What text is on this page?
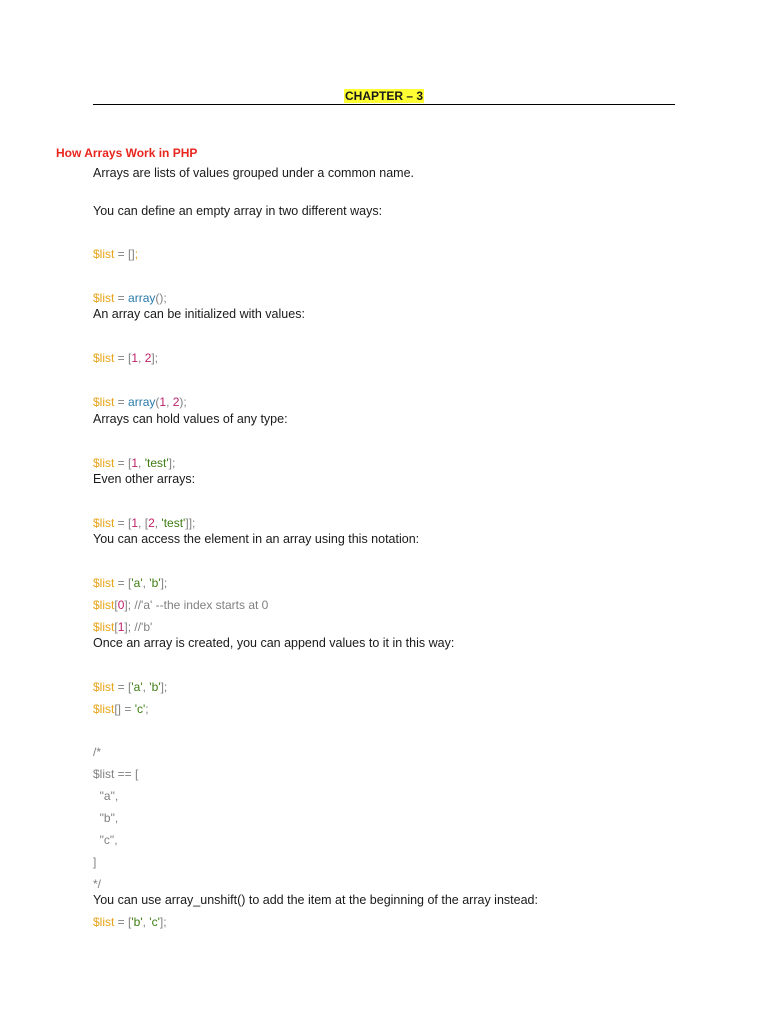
CHAPTER – 3
How Arrays Work in PHP
Arrays are lists of values grouped under a common name.
You can define an empty array in two different ways:
$list = [];
$list = array();
An array can be initialized with values:
$list = [1, 2];
$list = array(1, 2);
Arrays can hold values of any type:
$list = [1, 'test'];
Even other arrays:
$list = [1, [2, 'test']];
You can access the element in an array using this notation:
$list = ['a', 'b'];
$list[0]; //'a' --the index starts at 0
$list[1]; //'b'
Once an array is created, you can append values to it in this way:
$list = ['a', 'b'];
$list[] = 'c';
/*
$list == [
"a",
"b",
"c",
]
*/
You can use array_unshift() to add the item at the beginning of the array instead:
$list = ['b', 'c'];
